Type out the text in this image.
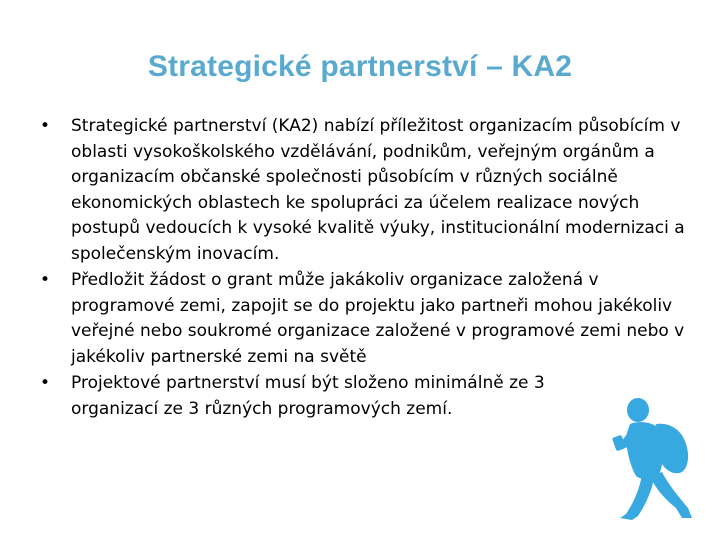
Strategické partnerství – KA2
• Strategické partnerství (KA2) nabízí příležitost organizacím působícím v oblasti vysokoškolského vzdělávání, podnikům, veřejným orgánům a organizacím občanské společnosti působícím v různých sociálně ekonomických oblastech ke spolupráci za účelem realizace nových postupů vedoucích k vysoké kvalitě výuky, institucionální modernizaci a společenským inovacím.
• Předložit žádost o grant může jakákoliv organizace založená v programové zemi, zapojit se do projektu jako partneři mohou jakékoliv veřejné nebo soukromé organizace založené v programové zemi nebo v jakékoliv partnerské zemi na světě
• Projektové partnerství musí být složeno minimálně ze 3 organizací ze 3 různých programových zemí.
